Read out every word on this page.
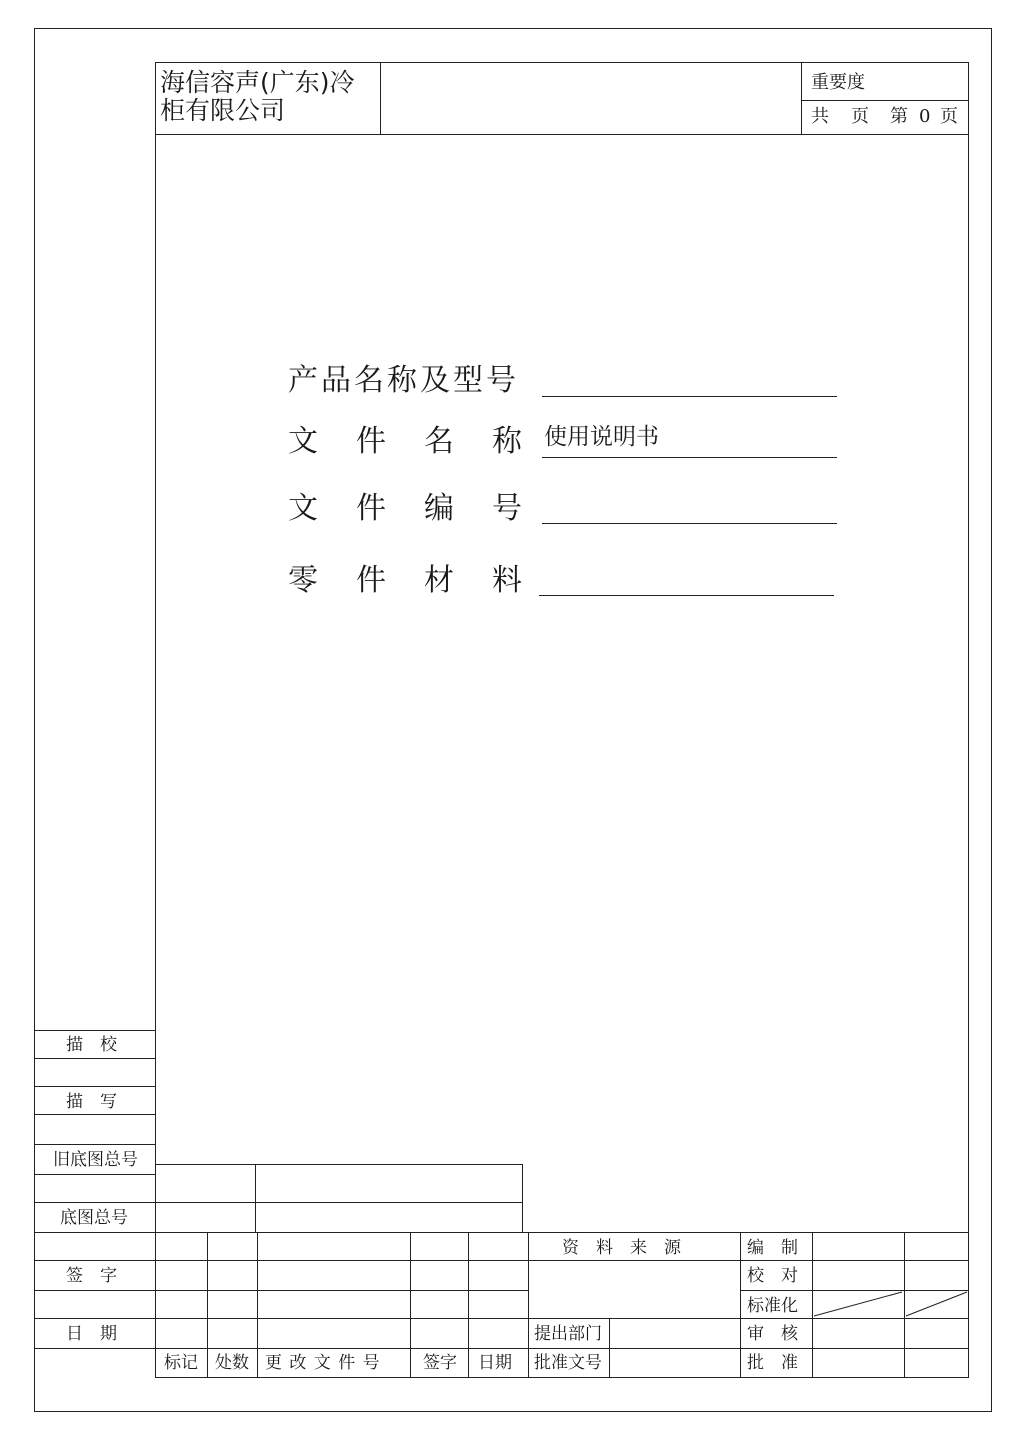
海信容声(广东)冷
柜有限公司
重要度
共 页 第 0 页
产品名称及型号
文件名称
使用说明书
文件编号
零件材料
描　校
描　写
旧底图总号
底图总号
签　字
日　期
标记 处数 更 改 文 件 号 签字 日期
资　料　来　源
提出部门
批准文号
编　制
校　对
标准化
审　核
批　准
